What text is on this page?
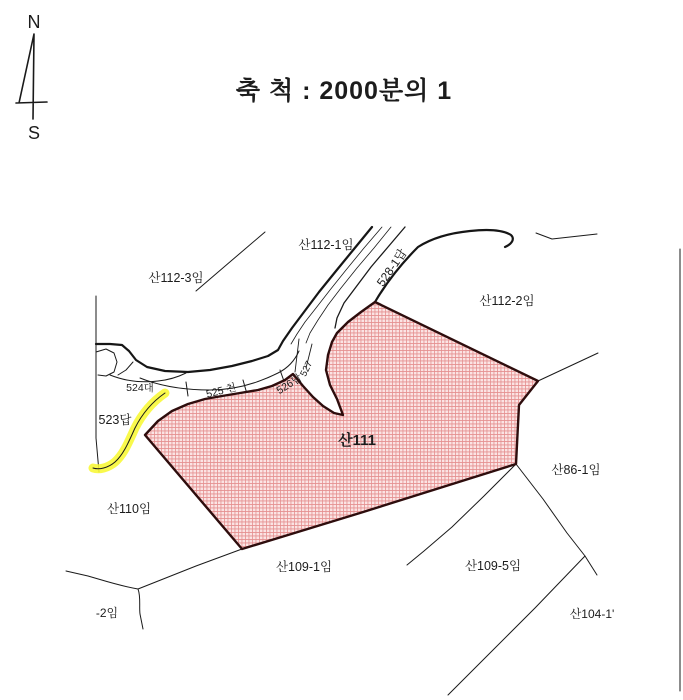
N
S
축 척 : 2000분의 1
산112-1임
산112-3임
산112-2임
528-1답
524대
523답
525 천	526답
527
산111
산86-1임
산110임
산109-1임	산109-5임
산104-1'
-2임
